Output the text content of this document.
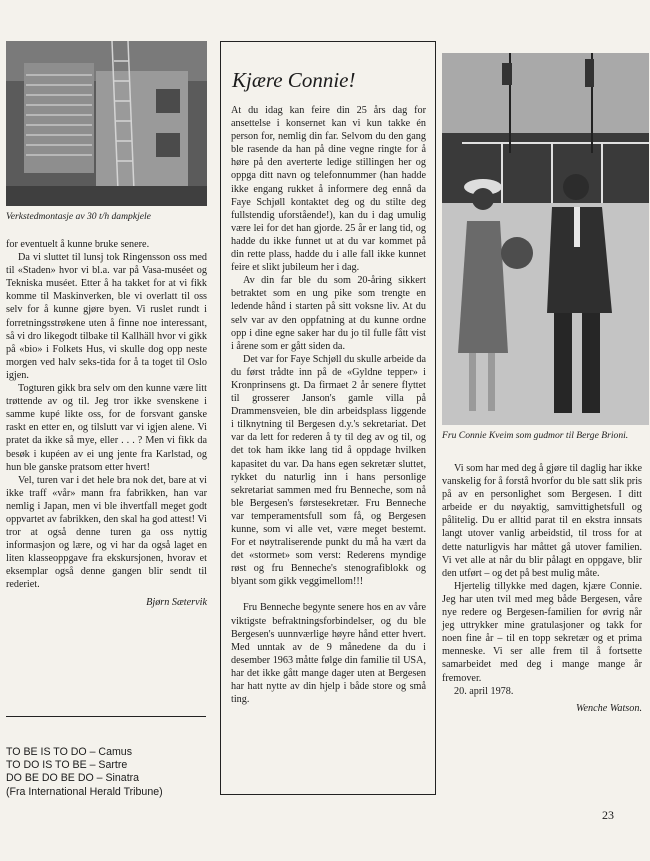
Verkstedmontasje av 30 t/h dampkjele

for eventuelt å kunne bruke senere.

Da vi sluttet til lunsj tok Ringensson oss med til «Staden» hvor vi bl.a. var på Vasa-muséet og Tekniska muséet. Etter å ha takket for at vi fikk komme til Maskinverken, ble vi overlatt til oss selv for å kunne gjøre byen. Vi ruslet rundt i forretningsstrøkene uten å finne noe interessant, så vi dro likegodt tilbake til Kallhäll hvor vi gikk på «bio» i Folkets Hus, vi skulle dog opp neste morgen ved halv seks-tida for å ta toget til Oslo igjen.

Togturen gikk bra selv om den kunne være litt trøttende av og til. Jeg tror ikke svenskene i samme kupé likte oss, for de forsvant ganske raskt en etter en, og tilslutt var vi igjen alene. Vi pratet da ikke så mye, eller . . . ? Men vi fikk da besøk i kupéen av ei ung jente fra Karlstad, og hun ble ganske pratsom etter hvert!

Vel, turen var i det hele bra nok det, bare at vi ikke traff «vår» mann fra fabrikken, han var nemlig i Japan, men vi ble ihvertfall meget godt oppvartet av fabrikken, den skal ha god attest! Vi tror at også denne turen ga oss nyttig informasjon og lære, og vi har da også laget en liten klasseoppgave fra ekskursjonen, hvorav et eksemplar også denne gangen blir sendt til rederiet.

Bjørn Sætervik
TO BE IS TO DO – Camus
TO DO IS TO BE – Sartre
DO BE DO BE DO – Sinatra
(Fra International Herald Tribune)
Kjære Connie!

At du idag kan feire din 25 års dag for ansettelse i konsernet kan vi kun takke én person for, nemlig din far. Selvom du den gang ble rasende da han på dine vegne ringte for å høre på den averterte ledige stillingen her og oppga ditt navn og telefonnummer (han hadde ikke engang rukket å informere deg ennå da Faye Schjøll kontaktet deg og du stilte deg fullstendig uforstående!), kan du i dag umulig være lei for det han gjorde. 25 år er lang tid, og hadde du ikke funnet ut at du var kommet på din rette plass, hadde du i alle fall ikke kunnet feire et slikt jubileum her i dag.

Av din far ble du som 20-åring sikkert betraktet som en ung pike som trengte en ledende hånd i starten på sitt voksne liv. At du selv var av den oppfatning at du kunne ordne opp i dine egne saker har du jo til fulle fått vist i årene som er gått siden da.

Det var for Faye Schjøll du skulle arbeide da du først trådte inn på de «Gyldne tepper» i Kronprinsens gt. Da firmaet 2 år senere flyttet til grosserer Janson's gamle villa på Drammensveien, ble din arbeidsplass liggende i tilknytning til Bergesen d.y.'s sekretariat. Det var da lett for rederen å ty til deg av og til, og det tok ham ikke lang tid å oppdage hvilken kapasitet du var. Da hans egen sekretær sluttet, rykket du naturlig inn i hans personlige sekretariat sammen med fru Benneche, som nå ble Bergesen's førstesekretær. Fru Benneche var temperamentsfull som få, og Bergesen kunne, som vi alle vet, være meget bestemt. For et nøytraliserende punkt du må ha vært da det «stormet» som verst: Rederens myndige røst og fru Benneche's stenografiblokk og blyant som gikk veggimellom!!!

Fru Benneche begynte senere hos en av våre viktigste befraktningsforbindelser, og du ble Bergesen's uunnværlige høyre hånd etter hvert. Med unntak av de 9 månedene da du i desember 1963 måtte følge din familie til USA, har det ikke gått mange dager uten at Bergesen har hatt nytte av din hjelp i både store og små ting.

Fru Connie Kveim som gudmor til Berge Brioni.

Vi som har med deg å gjøre til daglig har ikke vanskelig for å forstå hvorfor du ble satt slik pris på av en personlighet som Bergesen. I ditt arbeide er du nøyaktig, samvittighetsfull og pålitelig. Du er alltid parat til en ekstra innsats langt utover vanlig arbeidstid, til tross for at dette naturligvis har måttet gå utover familien. Vi vet alle at når du blir pålagt en oppgave, blir den utført – og det på best mulig måte.

Hjertelig tillykke med dagen, kjære Connie. Jeg har uten tvil med meg både Bergesen, våre nye redere og Bergesen-familien for øvrig når jeg uttrykker mine gratulasjoner og takk for noen fine år – til en topp sekretær og et prima menneske. Vi ser alle frem til å fortsette samarbeidet med deg i mange mange år fremover.

20. april 1978.

Wenche Watson.
23
